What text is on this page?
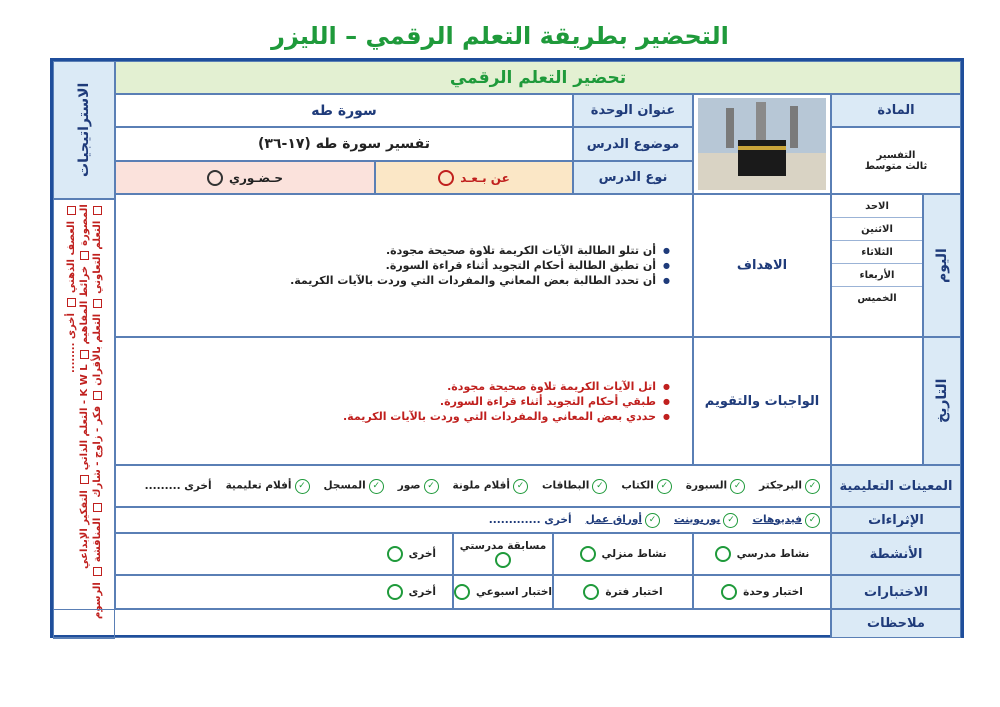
التحضير بطريقة التعلم الرقمي – الليزر
التعلم التعاوني  التعلم بالأقران  فكر - زاوج - شارك  المناقشة  الرسوم
المصورة  خرائط المفاهيم  K W L - التعلم الذاتي  التفكير الإبداعي
العصف الذهني  أخرى ........
الاستراتيجيات
تحضير التعلم الرقمي
المادة
التفسير
ثالث متوسط
عنوان الوحدة
سورة طه
موضوع الدرس
تفسير سورة طه (١٧-٣٦)
نوع الدرس
عن بـعـد
حـضـوري
اليوم
الاحد
الاثنين
الثلاثاء
الأربعاء
الخميس
التاريخ
الاهداف
● أن تتلو الطالبة الآيات الكريمة تلاوة صحيحة مجودة.
● أن تطبق الطالبة أحكام التجويد أثناء قراءة السورة.
● أن تحدد الطالبة بعض المعاني والمفردات التي وردت بالآيات الكريمة.
الواجبات والتقويم
● اتل الآيات الكريمة تلاوة صحيحة مجودة.
● طبقي أحكام التجويد أثناء قراءة السورة.
● حددي بعض المعاني والمفردات التي وردت بالآيات الكريمة.
المعينات التعليمية
✓البرجكتر
✓السبورة
✓الكتاب
✓البطاقات
✓أقلام ملونة
✓صور
✓المسجل
✓أفلام تعليمية
أخرى .........
الإثراءات
✓فيديوهات
✓بوربوينت
✓أوراق عمل
أخرى .............
الأنشطة
نشاط مدرسي
نشاط منزلي
مسابقة مدرستي
أخرى
الاختبارات
اختبار وحدة
اختبار فترة
اختبار اسبوعي
أخرى
ملاحظات
